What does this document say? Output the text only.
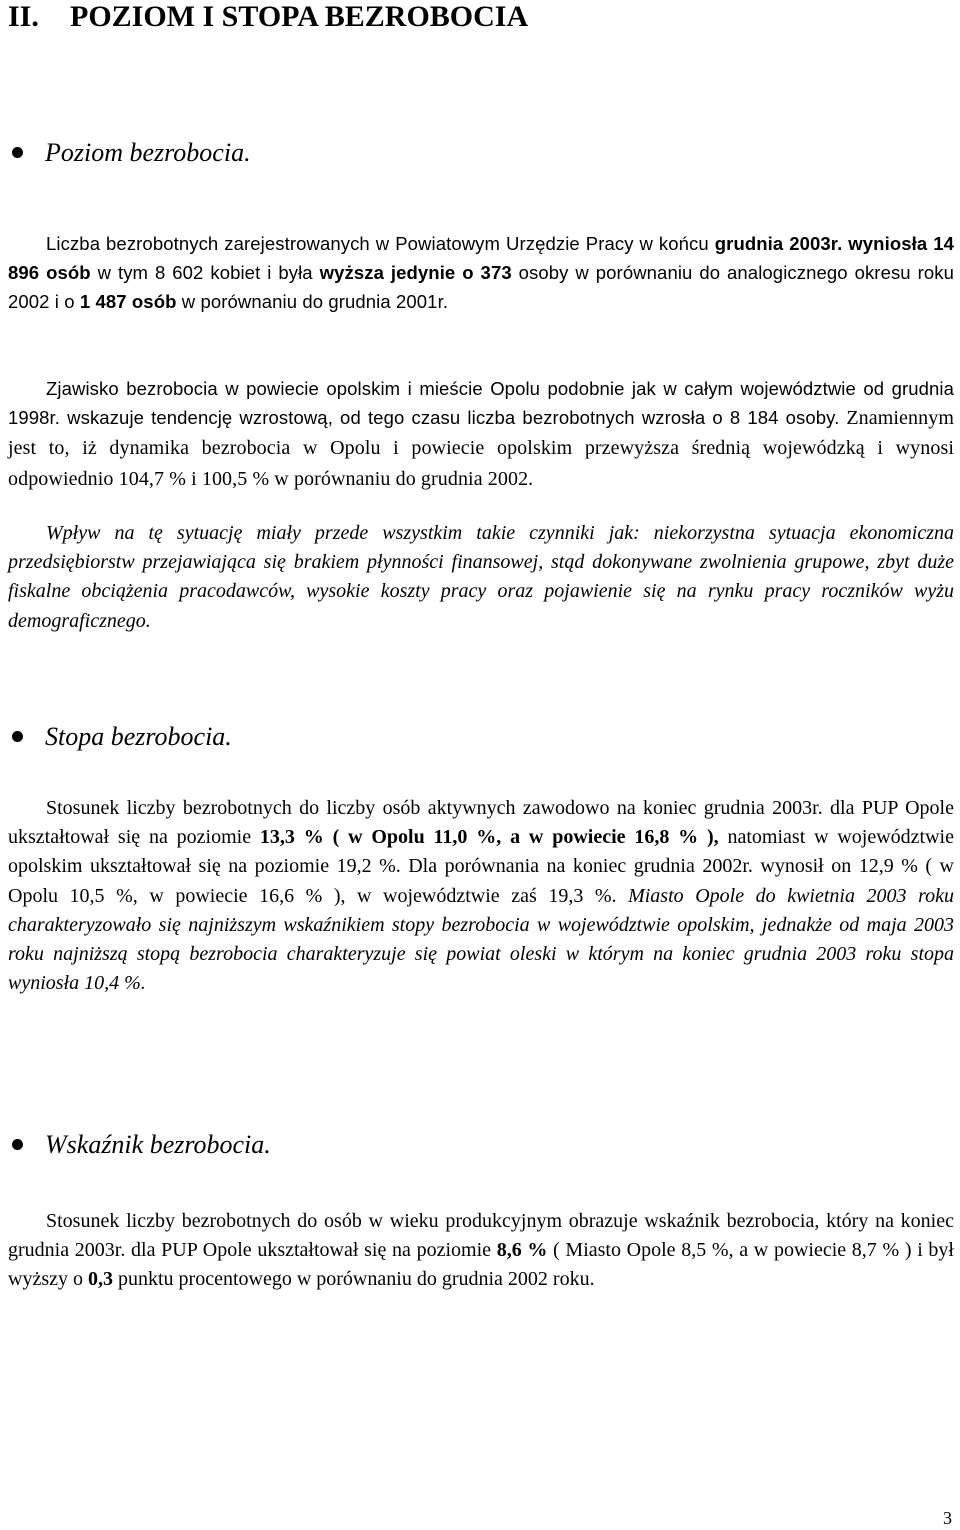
II. POZIOM I STOPA BEZROBOCIA
Poziom bezrobocia.

Liczba bezrobotnych zarejestrowanych w Powiatowym Urzędzie Pracy w końcu grudnia 2003r. wyniosła 14 896 osób w tym 8 602 kobiet i była wyższa jedynie o 373 osoby w porównaniu do analogicznego okresu roku 2002 i o 1 487 osób w porównaniu do grudnia 2001r.

Zjawisko bezrobocia w powiecie opolskim i mieście Opolu podobnie jak w całym województwie od grudnia 1998r. wskazuje tendencję wzrostową, od tego czasu liczba bezrobotnych wzrosła o 8 184 osoby. Znamiennym jest to, iż dynamika bezrobocia w Opolu i powiecie opolskim przewyższa średnią wojewódzką i wynosi odpowiednio 104,7 % i 100,5 % w porównaniu do grudnia 2002.

Wpływ na tę sytuację miały przede wszystkim takie czynniki jak: niekorzystna sytuacja ekonomiczna przedsiębiorstw przejawiająca się brakiem płynności finansowej, stąd dokonywane zwolnienia grupowe, zbyt duże fiskalne obciążenia pracodawców, wysokie koszty pracy oraz pojawienie się na rynku pracy roczników wyżu demograficznego.

Stopa bezrobocia.

Stosunek liczby bezrobotnych do liczby osób aktywnych zawodowo na koniec grudnia 2003r. dla PUP Opole ukształtował się na poziomie 13,3 % ( w Opolu 11,0 %, a w powiecie 16,8 % ), natomiast w województwie opolskim ukształtował się na poziomie 19,2 %. Dla porównania na koniec grudnia 2002r. wynosił on 12,9 % ( w Opolu 10,5 %, w powiecie 16,6 % ), w województwie zaś 19,3 %. Miasto Opole do kwietnia 2003 roku charakteryzowało się najniższym wskaźnikiem stopy bezrobocia w województwie opolskim, jednakże od maja 2003 roku najniższą stopą bezrobocia charakteryzuje się powiat oleski w którym na koniec grudnia 2003 roku stopa wyniosła 10,4 %.

Wskaźnik bezrobocia.

Stosunek liczby bezrobotnych do osób w wieku produkcyjnym obrazuje wskaźnik bezrobocia, który na koniec grudnia 2003r. dla PUP Opole ukształtował się na poziomie 8,6 % ( Miasto Opole 8,5 %, a w powiecie 8,7 % ) i był wyższy o 0,3 punktu procentowego w porównaniu do grudnia 2002 roku.

3
